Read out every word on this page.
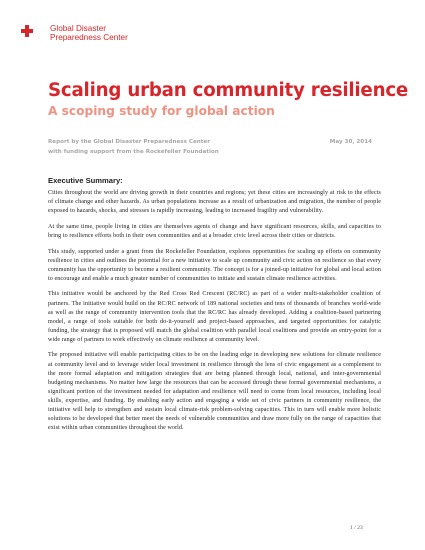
Global Disaster
Preparedness Center
Scaling urban community resilience
A scoping study for global action
Report by the Global Disaster Preparedness Center	May 30, 2014
with funding support from the Rockefeller Foundation
Executive Summary:

Cities throughout the world are driving growth in their countries and regions; yet these cities are increasingly at risk to the effects of climate change and other hazards. As urban populations increase as a result of urbanization and migration, the number of people exposed to hazards, shocks, and stresses is rapidly increasing, leading to increased fragility and vulnerability.

At the same time, people living in cities are themselves agents of change and have significant resources, skills, and capacities to bring to resilience efforts both in their own communities and at a broader civic level across their cities or districts.

This study, supported under a grant from the Rockefeller Foundation, explores opportunities for scaling up efforts on community resilience in cities and outlines the potential for a new initiative to scale up community and civic action on resilience so that every community has the opportunity to become a resilient community. The concept is for a joined-up initiative for global and local action to encourage and enable a much greater number of communities to initiate and sustain climate resilience activities.

This initiative would be anchored by the Red Cross Red Crescent (RC/RC) as part of a wider multi-stakeholder coalition of partners. The initiative would build on the RC/RC network of 189 national societies and tens of thousands of branches world-wide as well as the range of community intervention tools that the RC/RC has already developed. Adding a coalition-based partnering model, a range of tools suitable for both do-it-yourself and project-based approaches, and targeted opportunities for catalytic funding, the strategy that is proposed will match the global coalition with parallel local coalitions and provide an entry-point for a wide range of partners to work effectively on climate resilience at community level.

The proposed initiative will enable participating cities to be on the leading edge in developing new solutions for climate resilience at community level and to leverage wider local investment in resilience through the lens of civic engagement as a complement to the more formal adaptation and mitigation strategies that are being planned through local, national, and inter-governmental budgeting mechanisms. No matter how large the resources that can be accessed through these formal governmental mechanisms, a significant portion of the investment needed for adaptation and resilience will need to come from local resources, including local skills, expertise, and funding. By enabling early action and engaging a wide set of civic partners in community resilience, the initiative will help to strengthen and sustain local climate-risk problem-solving capacities. This in turn will enable more holistic solutions to be developed that better meet the needs of vulnerable communities and draw more fully on the range of capacities that exist within urban communities throughout the world.

1 / 23
